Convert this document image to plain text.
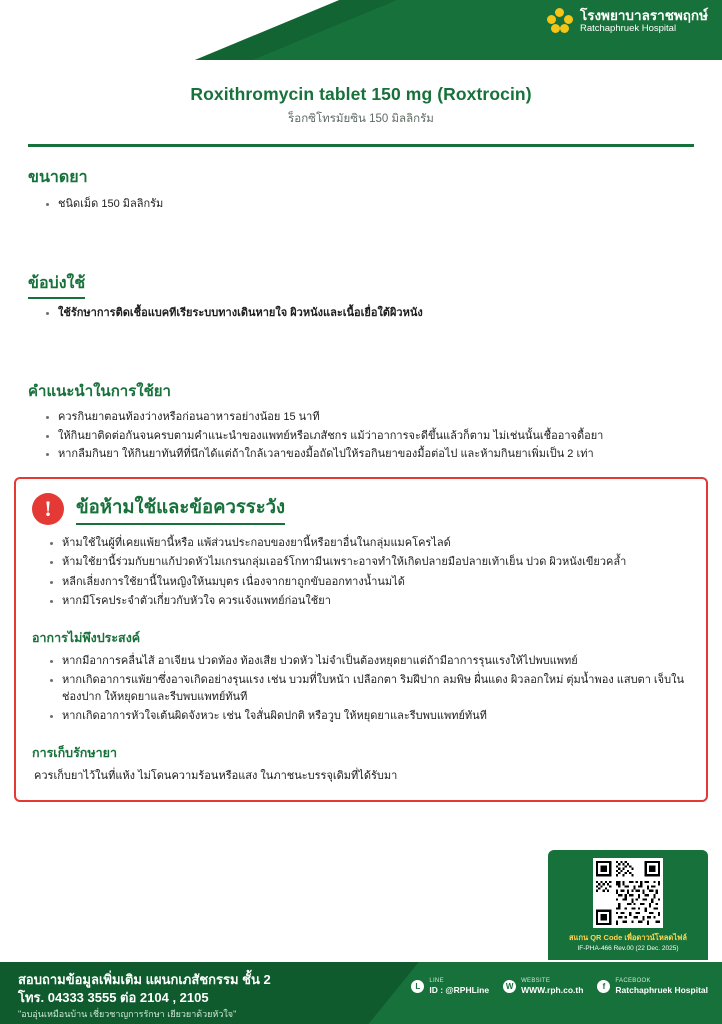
โรงพยาบาลราชพฤกษ์
Ratchaphruek Hospital
Roxithromycin tablet 150 mg (Roxtrocin)
ร็อกซิโทรมัยซิน 150 มิลลิกรัม
ขนาดยา
ชนิดเม็ด 150 มิลลิกรัม
ข้อบ่งใช้
ใช้รักษาการติดเชื้อแบคทีเรียระบบทางเดินหายใจ ผิวหนังและเนื้อเยื่อใต้ผิวหนัง
คำแนะนำในการใช้ยา
ควรกินยาตอนท้องว่างหรือก่อนอาหารอย่างน้อย 15 นาที
ให้กินยาติดต่อกันจนครบตามคำแนะนำของแพทย์หรือเภสัชกร แม้ว่าอาการจะดีขึ้นแล้วก็ตาม ไม่เช่นนั้นเชื้ออาจดื้อยา
หากลืมกินยา ให้กินยาทันทีที่นึกได้แต่ถ้าใกล้เวลาของมื้อถัดไปให้รอกินยาของมื้อต่อไป และห้ามกินยาเพิ่มเป็น 2 เท่า
!	ข้อห้ามใช้และข้อควรระวัง
ห้ามใช้ในผู้ที่เคยแพ้ยานี้หรือ แพ้ส่วนประกอบของยานี้หรือยาอื่นในกลุ่มแมคโครไลด์
ห้ามใช้ยานี้ร่วมกับยาแก้ปวดหัวไมเกรนกลุ่มเออร์โกทามีนเพราะอาจทำให้เกิดปลายมือปลายเท้าเย็น ปวด ผิวหนังเขียวคล้ำ
หลีกเลี่ยงการใช้ยานี้ในหญิงให้นมบุตร เนื่องจากยาถูกขับออกทางน้ำนมได้
หากมีโรคประจำตัวเกี่ยวกับหัวใจ ควรแจ้งแพทย์ก่อนใช้ยา
อาการไม่พึงประสงค์
หากมีอาการคลื่นไส้ อาเจียน ปวดท้อง ท้องเสีย ปวดหัว ไม่จำเป็นต้องหยุดยาแต่ถ้ามีอาการรุนแรงให้ไปพบแพทย์
หากเกิดอาการแพ้ยาซึ่งอาจเกิดอย่างรุนแรง เช่น บวมที่ใบหน้า เปลือกตา ริมฝีปาก ลมพิษ ผื่นแดง ผิวลอกใหม่ ตุ่มน้ำพอง แสบตา เจ็บในช่องปาก ให้หยุดยาและรีบพบแพทย์ทันที
หากเกิดอาการหัวใจเต้นผิดจังหวะ เช่น ใจสั่นผิดปกติ หรือวูบ ให้หยุดยาและรีบพบแพทย์ทันที
การเก็บรักษายา
ควรเก็บยาไว้ในที่แห้ง ไม่โดนความร้อนหรือแสง ในภาชนะบรรจุเดิมที่ได้รับมา
สแกน QR Code เพื่อดาวน์โหลดไฟล์
IF-PHA-466 Rev.00 (22 Dec. 2025)
สอบถามข้อมูลเพิ่มเติม แผนกเภสัชกรรม ชั้น 2
โทร. 04333 3555 ต่อ 2104 , 2105
"อบอุ่นเหมือนบ้าน เชี่ยวชาญการรักษา เยียวยาด้วยหัวใจ"
L
LINE
ID : @RPHLine	W
WEBSITE
WWW.rph.co.th	f
FACEBOOK
Ratchaphruek Hospital
